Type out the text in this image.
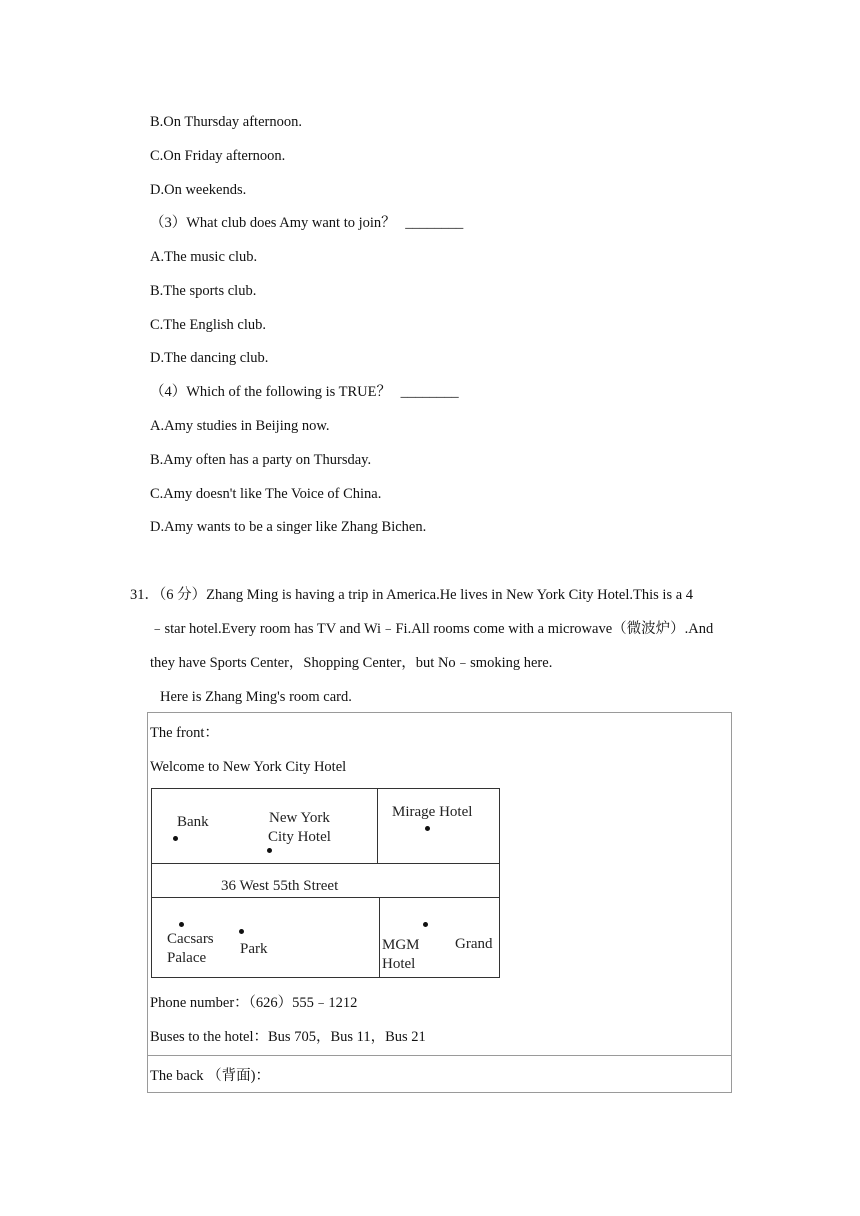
B.On Thursday afternoon.
C.On Friday afternoon.
D.On weekends.
（3）What club does Amy want to join？ ________
A.The music club.
B.The sports club.
C.The English club.
D.The dancing club.
（4）Which of the following is TRUE？ ________
A.Amy studies in Beijing now.
B.Amy often has a party on Thursday.
C.Amy doesn't like The Voice of China.
D.Amy wants to be a singer like Zhang Bichen.
31．（6 分）Zhang Ming is having a trip in America.He lives in New York City Hotel.This is a 4
﹣star hotel.Every room has TV and Wi﹣Fi.All rooms come with a microwave（微波炉）.And
they have Sports Center，Shopping Center，but No﹣smoking here.
Here is Zhang Ming's room card.
The front：
Welcome to New York City Hotel
Bank	New York
City Hotel
Mirage Hotel
36 West 55th Street
Cacsars
Palace
Park	MGM
Hotel
Grand
Phone number：（626）555﹣1212
Buses to the hotel：Bus 705，Bus 11，Bus 21
The back （背面)：
